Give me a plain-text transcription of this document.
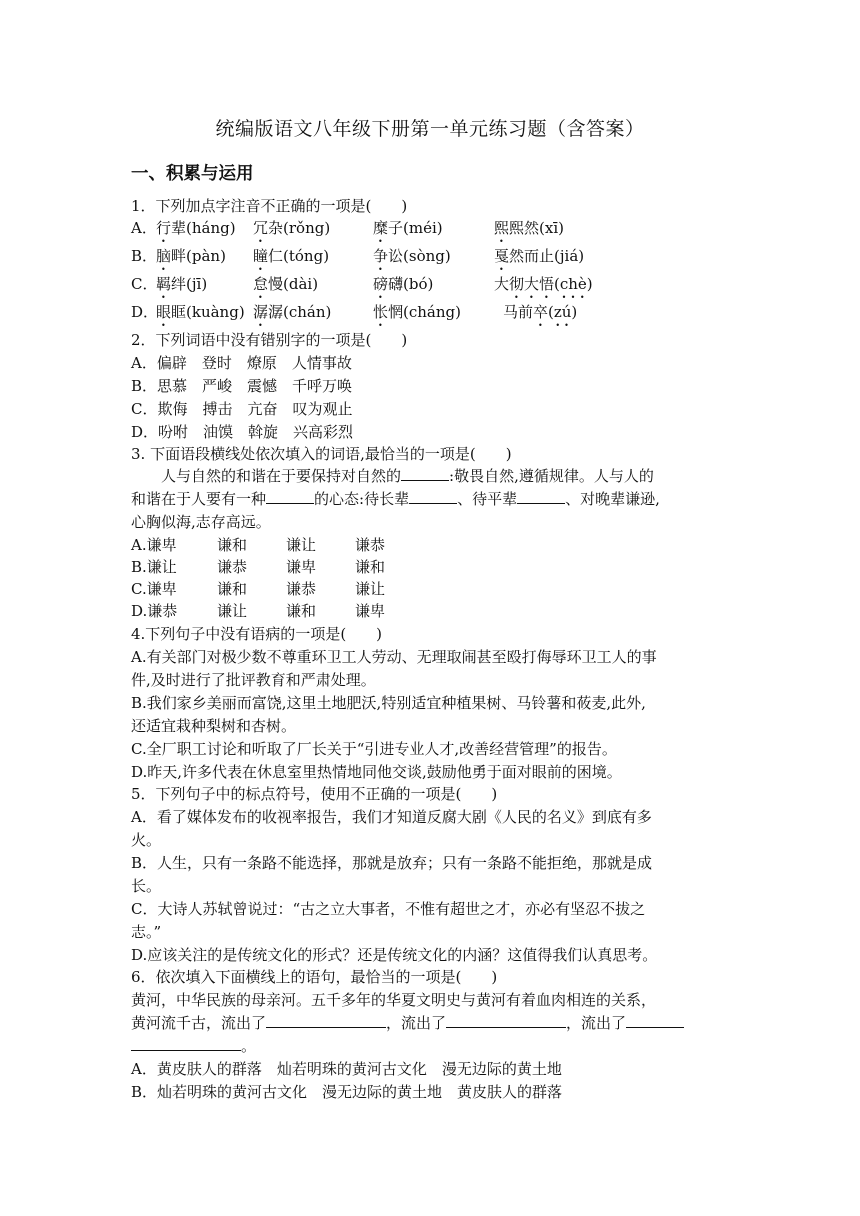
统编版语文八年级下册第一单元练习题（含答案）
一、积累与运用
1．下列加点字注音不正确的一项是(　　)
A． 行辈(háng) 冗杂(rǒng)	糜子(méi)	熙熙然(xī)
B．
脑畔(pàn) 瞳仁(tóng)	争讼(sòng)	戛然而止(jiá)
C．
羁绊(jī)	怠慢(dài)	磅礴(bó)	大彻大悟(chè)
D．
眼眶(kuàng) 潺潺(chán)	怅惘(cháng)	马前卒(zú)
2．下列词语中没有错别字的一项是(　　)
A．偏辟　登时　燎原　人情事故
B．思慕　严峻　震憾　千呼万唤
C．欺侮　搏击　亢奋　叹为观止
D．吩咐　油馍　斡旋　兴高彩烈
3. 下面语段横线处依次填入的词语,最恰当的一项是(　　)
　　人与自然的和谐在于要保持对自然的	:敬畏自然,遵循规律。人与人的
和谐在于人要有一种	的心态:待长辈	、待平辈	、对晚辈谦逊,
心胸似海,志存高远。
A.谦卑	谦和	谦让	谦恭
B.谦让	谦恭	谦卑	谦和
C.谦卑	谦和	谦恭	谦让
D.谦恭	谦让	谦和	谦卑
4.下列句子中没有语病的一项是(　　)
A.有关部门对极少数不尊重环卫工人劳动、无理取闹甚至殴打侮辱环卫工人的事
件,及时进行了批评教育和严肃处理。
B.我们家乡美丽而富饶,这里土地肥沃,特别适宜种植果树、马铃薯和莜麦,此外,
还适宜栽种梨树和杏树。
C.全厂职工讨论和听取了厂长关于“引进专业人才,改善经营管理”的报告。
D.昨天,许多代表在休息室里热情地同他交谈,鼓励他勇于面对眼前的困境。
5．下列句子中的标点符号，使用不正确的一项是(　　)
A．看了媒体发布的收视率报告，我们才知道反腐大剧《人民的名义》到底有多
火。
B．人生，只有一条路不能选择，那就是放弃；只有一条路不能拒绝，那就是成
长。
C．大诗人苏轼曾说过：“古之立大事者，不惟有超世之才，亦必有坚忍不拔之
志。”
D.应该关注的是传统文化的形式？还是传统文化的内涵？这值得我们认真思考。
6．依次填入下面横线上的语句，最恰当的一项是(　　)
黄河，中华民族的母亲河。五千多年的华夏文明史与黄河有着血肉相连的关系，
黄河流千古，流出了	，流出了	，流出了
。
A．黄皮肤人的群落　灿若明珠的黄河古文化　漫无边际的黄土地
B．灿若明珠的黄河古文化　漫无边际的黄土地　黄皮肤人的群落
